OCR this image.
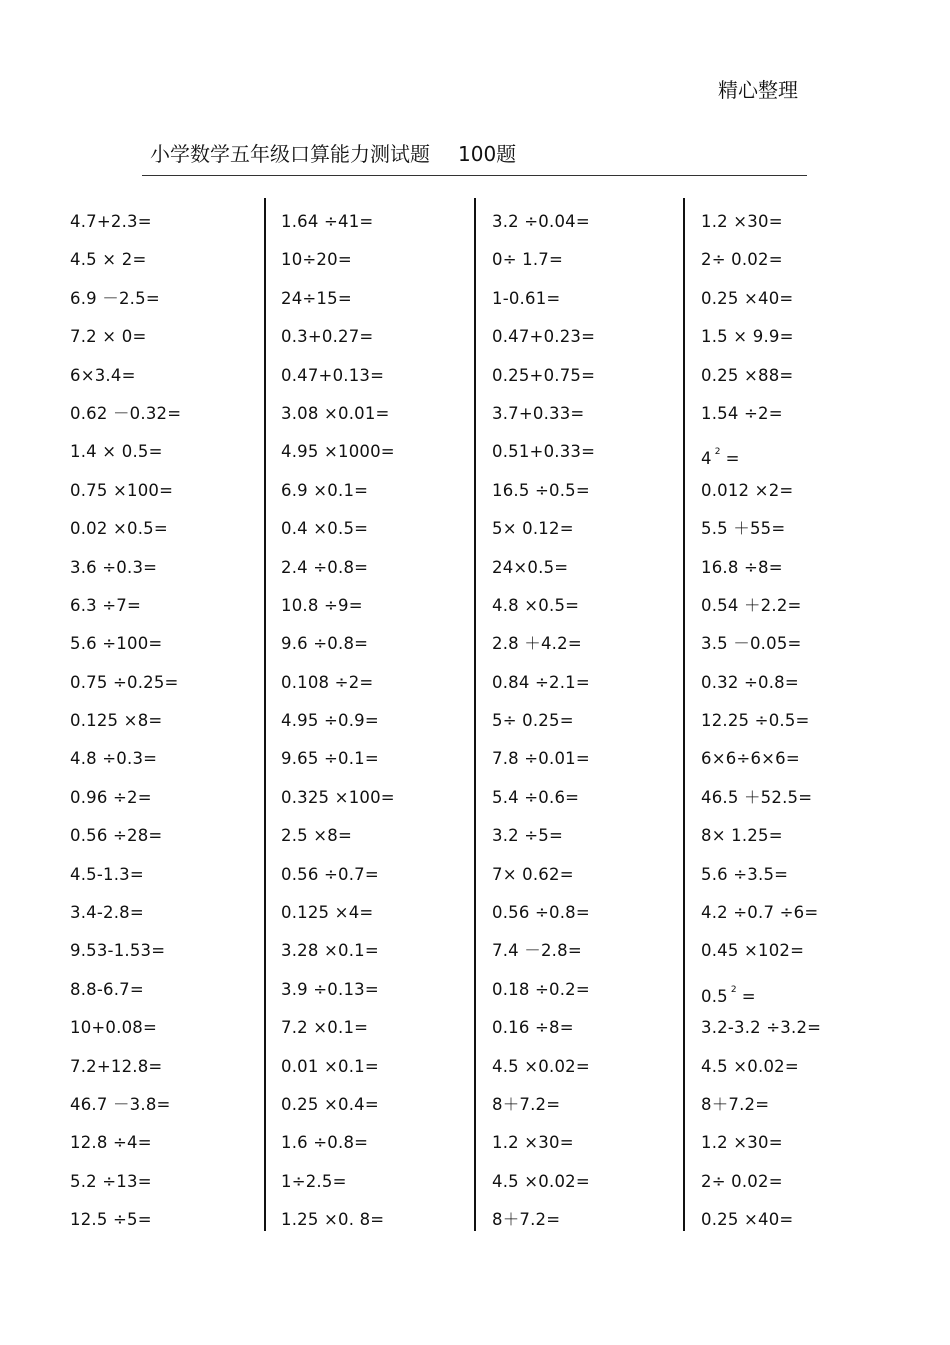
精心整理
小学数学五年级口算能力测试题 100题
4.7+2.3=
4.5 × 2=
6.9 －2.5=
7.2 × 0=
6×3.4=
0.62 －0.32=
1.4 × 0.5=
0.75 ×100=
0.02 ×0.5=
3.6 ÷0.3=
6.3 ÷7=
5.6 ÷100=
0.75 ÷0.25=
0.125 ×8=
4.8 ÷0.3=
0.96 ÷2=
0.56 ÷28=
4.5-1.3=
3.4-2.8=
9.53-1.53=
8.8-6.7=
10+0.08=
7.2+12.8=
46.7 －3.8=
12.8 ÷4=
5.2 ÷13=
12.5 ÷5=
1.64 ÷41=
10÷20=
24÷15=
0.3+0.27=
0.47+0.13=
3.08 ×0.01=
4.95 ×1000=
6.9 ×0.1=
0.4 ×0.5=
2.4 ÷0.8=
10.8 ÷9=
9.6 ÷0.8=
0.108 ÷2=
4.95 ÷0.9=
9.65 ÷0.1=
0.325 ×100=
2.5 ×8=
0.56 ÷0.7=
0.125 ×4=
3.28 ×0.1=
3.9 ÷0.13=
7.2 ×0.1=
0.01 ×0.1=
0.25 ×0.4=
1.6 ÷0.8=
1÷2.5=
1.25 ×0. 8=
3.2 ÷0.04=
0÷ 1.7=
1-0.61=
0.47+0.23=
0.25+0.75=
3.7+0.33=
0.51+0.33=
16.5 ÷0.5=
5× 0.12=
24×0.5=
4.8 ×0.5=
2.8 ＋4.2=
0.84 ÷2.1=
5÷ 0.25=
7.8 ÷0.01=
5.4 ÷0.6=
3.2 ÷5=
7× 0.62=
0.56 ÷0.8=
7.4 －2.8=
0.18 ÷0.2=
0.16 ÷8=
4.5 ×0.02=
8＋7.2=
1.2 ×30=
4.5 ×0.02=
8＋7.2=
1.2 ×30=
2÷ 0.02=
0.25 ×40=
1.5 × 9.9=
0.25 ×88=
1.54 ÷2=
4 $^2$ =
0.012 ×2=
5.5 ＋55=
16.8 ÷8=
0.54 ＋2.2=
3.5 －0.05=
0.32 ÷0.8=
12.25 ÷0.5=
6×6÷6×6=
46.5 ＋52.5=
8× 1.25=
5.6 ÷3.5=
4.2 ÷0.7 ÷6=
0.45 ×102=
0.5 $^2$ =
3.2-3.2 ÷3.2=
4.5 ×0.02=
8＋7.2=
1.2 ×30=
2÷ 0.02=
0.25 ×40=
